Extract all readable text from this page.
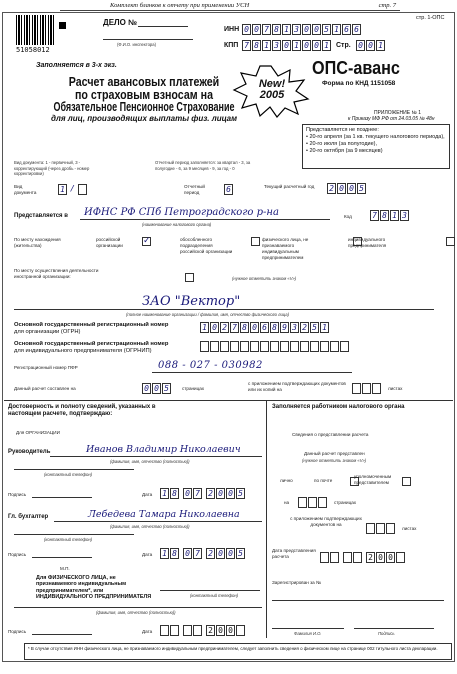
Комплект бланков к отчету при применении УСН	стр. 7
стр. 1-ОПС
ДЕЛО №
(Ф.И.О. инспектора)
51058012
ИНН 0 0 7 8 1 3 0 0 5 1 6 6
КПП 7 8 1 3 0 1 0 0 1 Стр. 0 0 1
Заполняется в 3-х экз.
Расчет авансовых платежей
по страховым взносам на
Обязательное Пенсионное Страхование
для лиц, производящих выплаты физ. лицам
New!
2005
ОПС-аванс
Форма по КНД 1151058
ПРИЛОЖЕНИЕ № 1
к Приказу МФ РФ от 24.03.05 № 48н
Представляется не позднее:
• 20-го апреля (за 1 кв. текущего налогового периода),
• 20-го июля (за полугодие),
• 20-го октября (за 9 месяцев)
Вид документа: 1 - первичный, 3 - корректирующий (через дробь - номер корректировки)
Отчетный период заполняется: за квартал - 3, за полугодие - 6, за 9 месяцев - 9, за год - 0
Вид документа	1 /	Отчетный период	6	Текущий расчетный год	2 0 0 5
Представляется в ИФНС РФ СПб Петроградского р-на
(наименование налогового органа)
Код	7 8 1 3
По месту нахождения (жительства)
российской организации
✓
обособленного подразделения российской организации

физического лица, не признаваемого индивидуальным предпринимателем

индивидуального предпринимателя

По месту осуществления деятельности иностранной организации:
	(нужное отметить знаком «V»)
ЗАО "Вектор"
(полное наименование организации / фамилия, имя, отчество физического лица)
Основной государственный регистрационный номер
для организации (ОГРН)	1 0 2 7 8 0 6 8 9 3 2 5 1
Основной государственный регистрационный номер
для индивидуального предпринимателя (ОГРНИП)
Регистрационный номер ПФР	088 - 027 - 030982
Данный расчет составлен на	0 0 5	страницах
с приложением подтверждающих документов или их копий на	листах
Достоверность и полноту сведений, указанных в настоящем расчете, подтверждаю:
Для ОРГАНИЗАЦИИ
Руководитель	Иванов Владимир Николаевич
(фамилия, имя, отчество (полностью))
(контактный телефон)
Подпись	Дата 1 8 0 7 2 0 0 5
Гл. бухгалтер	Лебедева Тамара Николаевна
(фамилия, имя, отчество (полностью))
(контактный телефон)
Подпись	Дата 1 8 0 7 2 0 0 5
М.П.
Для ФИЗИЧЕСКОГО ЛИЦА, не признаваемого индивидуальным предпринимателем*, или ИНДИВИДУАЛЬНОГО ПРЕДПРИНИМАТЕЛЯ	(контактный телефон)
(фамилия, имя, отчество (полностью))
Подпись	Дата	2 0 0
Заполняется работником налогового органа
Сведения о представлении расчета
Данный расчет представлен
(нужное отметить знаком «V»)
лично
	по почте

уполномоченным представителем
на	страницах
с приложением подтверждающих документов на
листах
Дата представления расчета	2 0 0
Зарегистрирован за №
Фамилия И.О.	Подпись
* В случае отсутствия ИНН физического лица, не признаваемого индивидуальным предпринимателем, следует заполнить сведения о физическом лице на странице 002 титульного листа декларации.
